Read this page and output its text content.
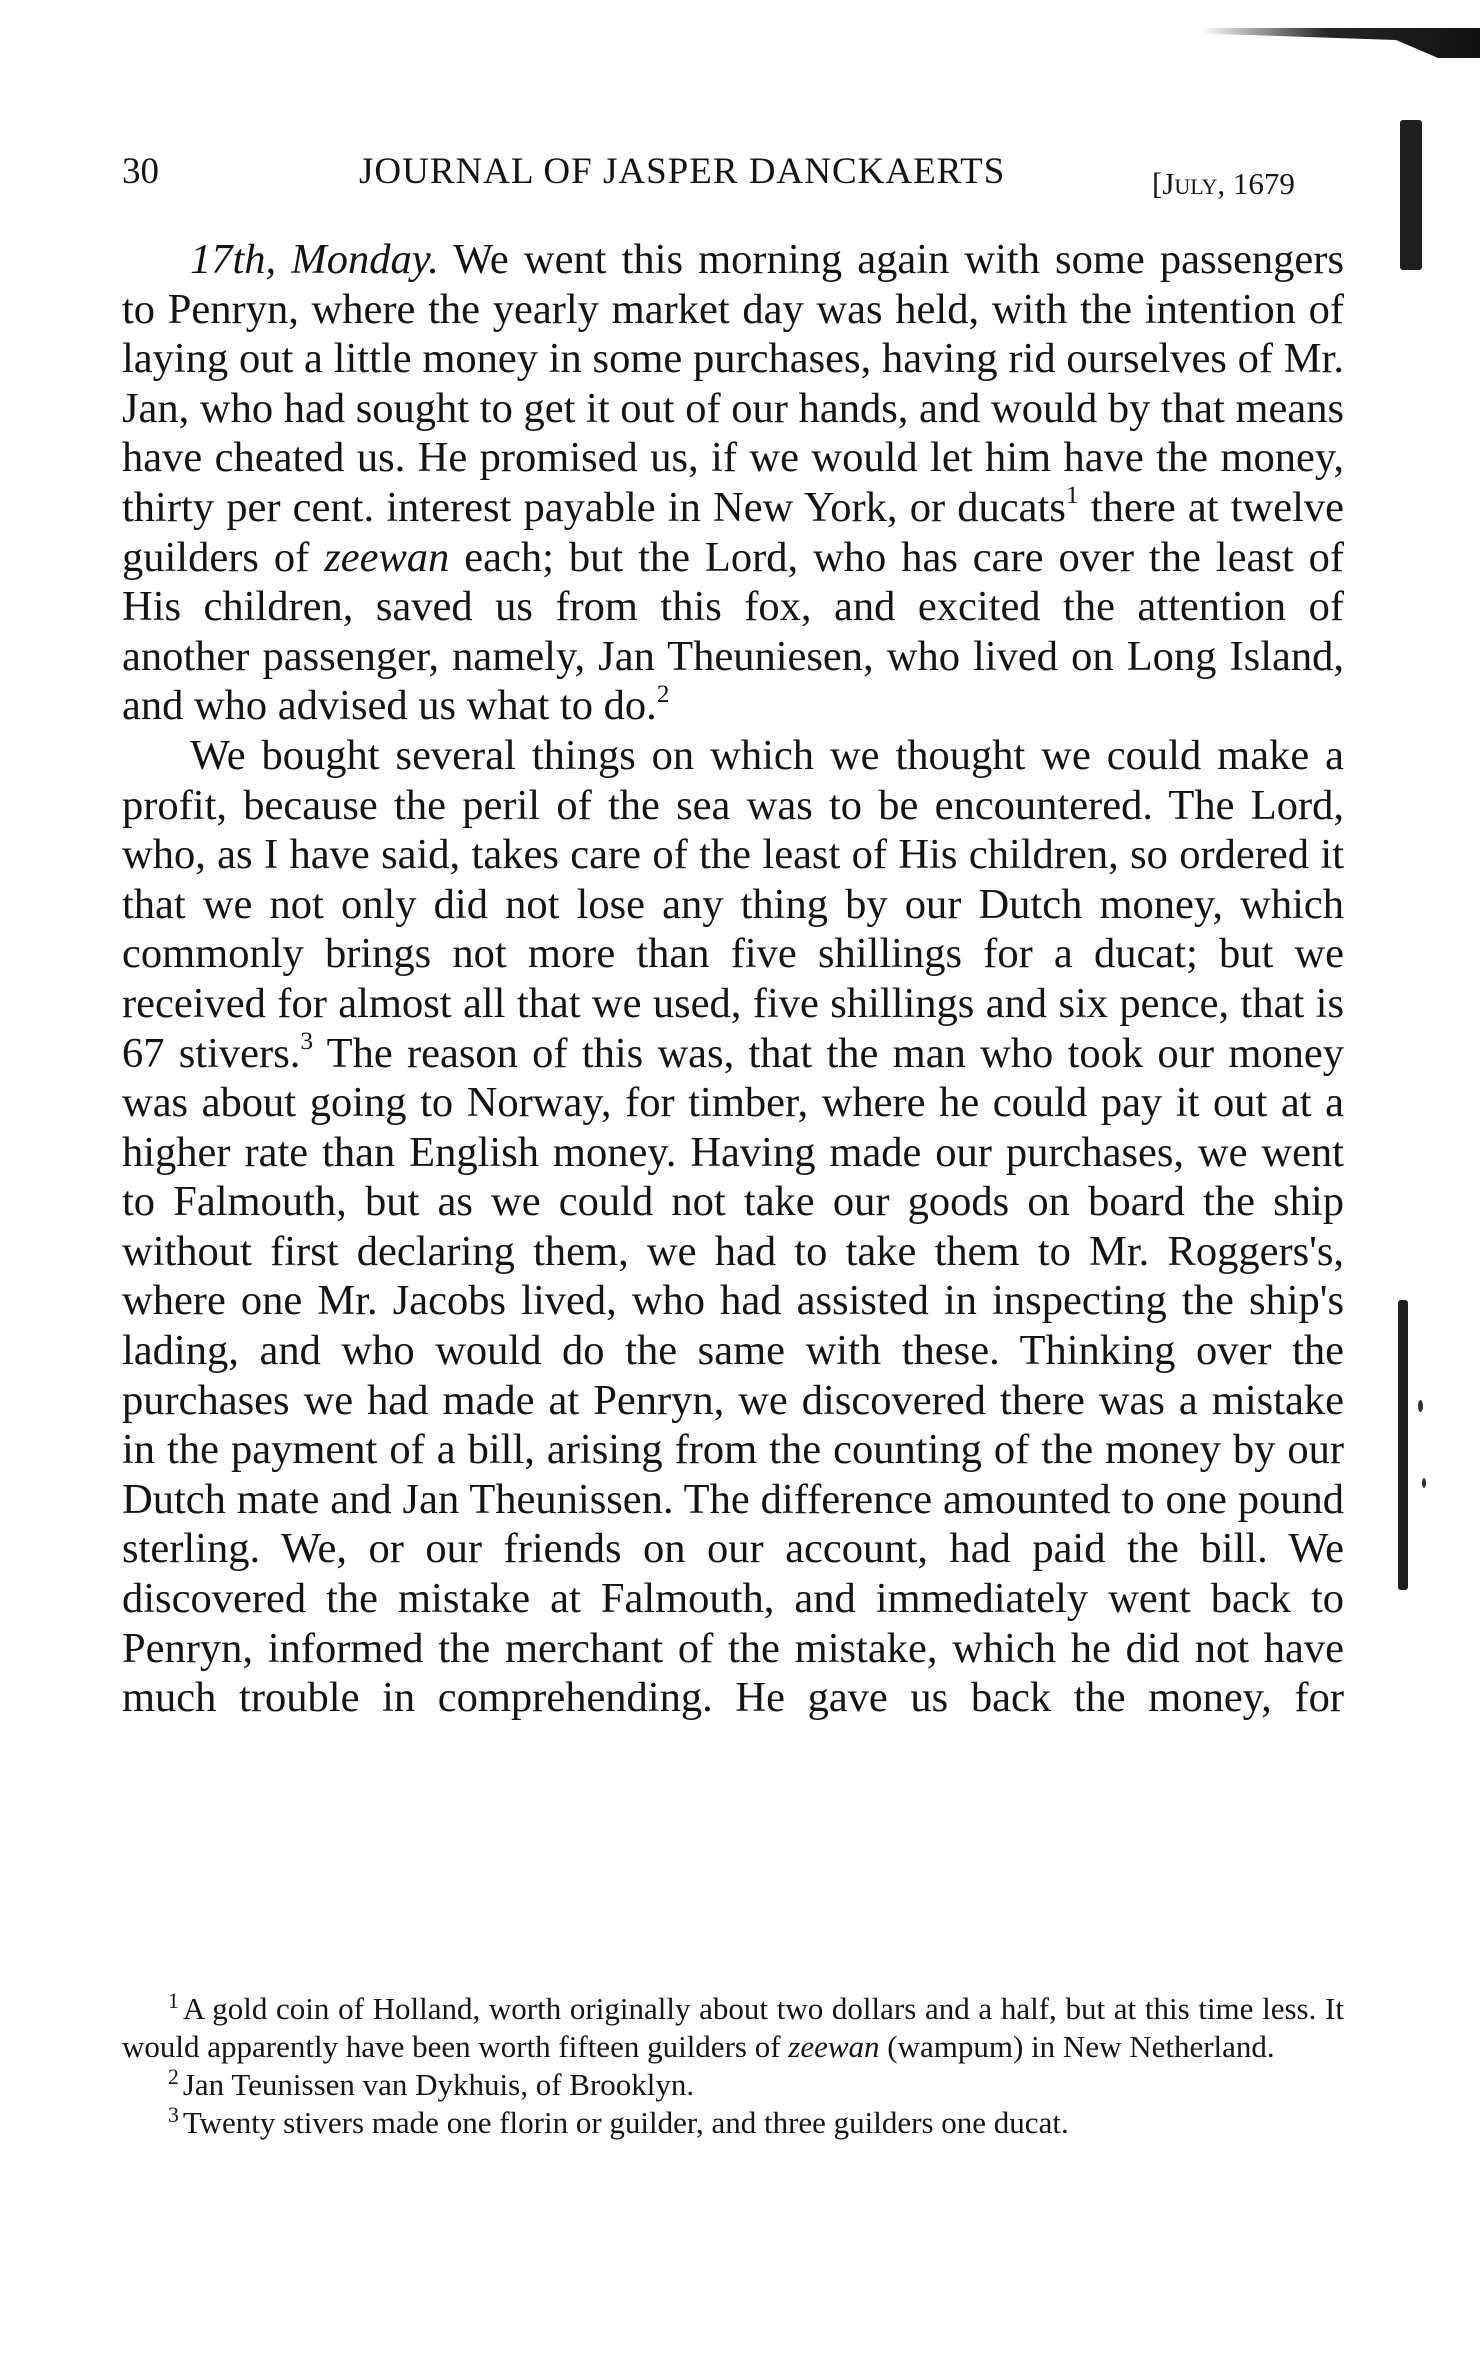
30	JOURNAL OF JASPER DANCKAERTS	[July, 1679

17th, Monday. We went this morning again with some passengers to Penryn, where the yearly market day was held, with the intention of laying out a little money in some purchases, having rid ourselves of Mr. Jan, who had sought to get it out of our hands, and would by that means have cheated us. He promised us, if we would let him have the money, thirty per cent. interest payable in New York, or ducats$^1$ there at twelve guilders of zeewan each; but the Lord, who has care over the least of His children, saved us from this fox, and excited the attention of another passenger, namely, Jan Theuniesen, who lived on Long Island, and who advised us what to do.$^2$

We bought several things on which we thought we could make a profit, because the peril of the sea was to be encountered. The Lord, who, as I have said, takes care of the least of His children, so ordered it that we not only did not lose any thing by our Dutch money, which commonly brings not more than five shillings for a ducat; but we received for almost all that we used, five shillings and six pence, that is 67 stivers.$^3$ The reason of this was, that the man who took our money was about going to Norway, for timber, where he could pay it out at a higher rate than English money. Having made our purchases, we went to Falmouth, but as we could not take our goods on board the ship without first declaring them, we had to take them to Mr. Roggers's, where one Mr. Jacobs lived, who had assisted in inspecting the ship's lading, and who would do the same with these. Thinking over the purchases we had made at Penryn, we discovered there was a mistake in the payment of a bill, arising from the counting of the money by our Dutch mate and Jan Theunissen. The difference amounted to one pound sterling. We, or our friends on our account, had paid the bill. We discovered the mistake at Falmouth, and immediately went back to Penryn, informed the merchant of the mistake, which he did not have much trouble in comprehending. He gave us back the money, for

$^1$ A gold coin of Holland, worth originally about two dollars and a half, but at this time less. It would apparently have been worth fifteen guilders of zeewan (wampum) in New Netherland.

$^2$ Jan Teunissen van Dykhuis, of Brooklyn.

$^3$ Twenty stivers made one florin or guilder, and three guilders one ducat.
